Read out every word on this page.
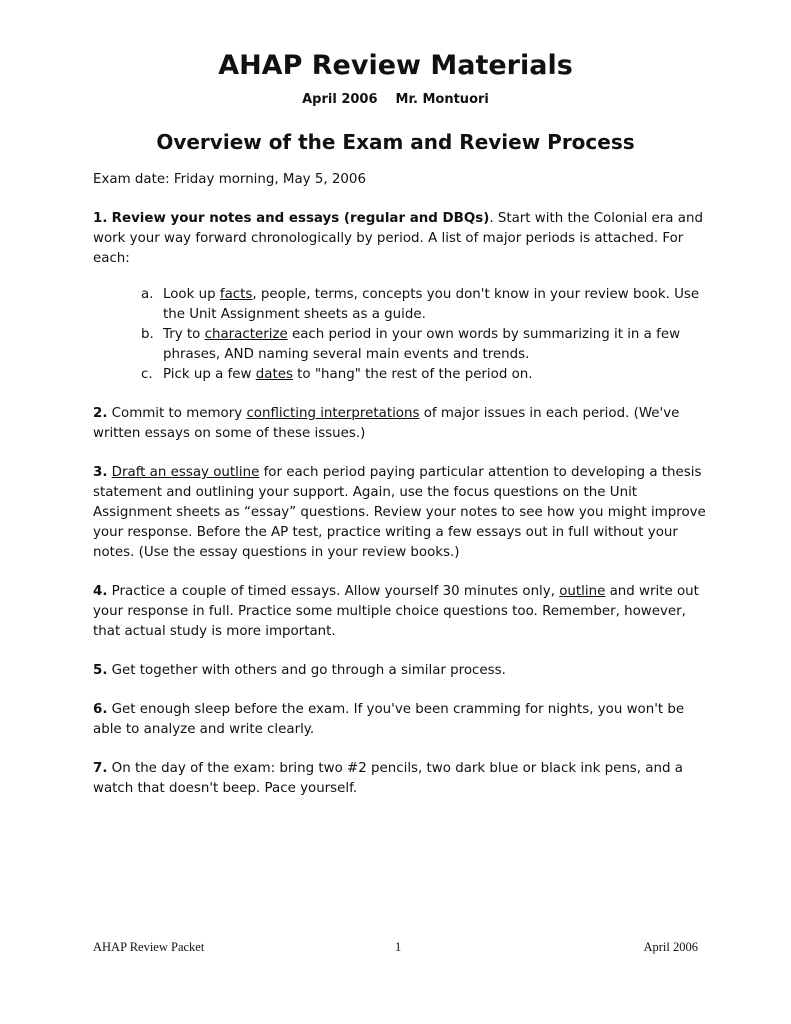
AHAP Review Materials
April 2006 Mr. Montuori
Overview of the Exam and Review Process

Exam date: Friday morning, May 5, 2006

1. Review your notes and essays (regular and DBQs). Start with the Colonial era and work your way forward chronologically by period. A list of major periods is attached. For each:

a. Look up facts, people, terms, concepts you don't know in your review book. Use the Unit Assignment sheets as a guide.
b. Try to characterize each period in your own words by summarizing it in a few phrases, AND naming several main events and trends.
c. Pick up a few dates to "hang" the rest of the period on.

2. Commit to memory conflicting interpretations of major issues in each period. (We've written essays on some of these issues.)

3. Draft an essay outline for each period paying particular attention to developing a thesis statement and outlining your support. Again, use the focus questions on the Unit Assignment sheets as “essay” questions. Review your notes to see how you might improve your response. Before the AP test, practice writing a few essays out in full without your notes. (Use the essay questions in your review books.)

4. Practice a couple of timed essays. Allow yourself 30 minutes only, outline and write out your response in full. Practice some multiple choice questions too. Remember, however, that actual study is more important.

5. Get together with others and go through a similar process.

6. Get enough sleep before the exam. If you've been cramming for nights, you won't be able to analyze and write clearly.

7. On the day of the exam: bring two #2 pencils, two dark blue or black ink pens, and a watch that doesn't beep. Pace yourself.

AHAP Review Packet	1	April 2006
